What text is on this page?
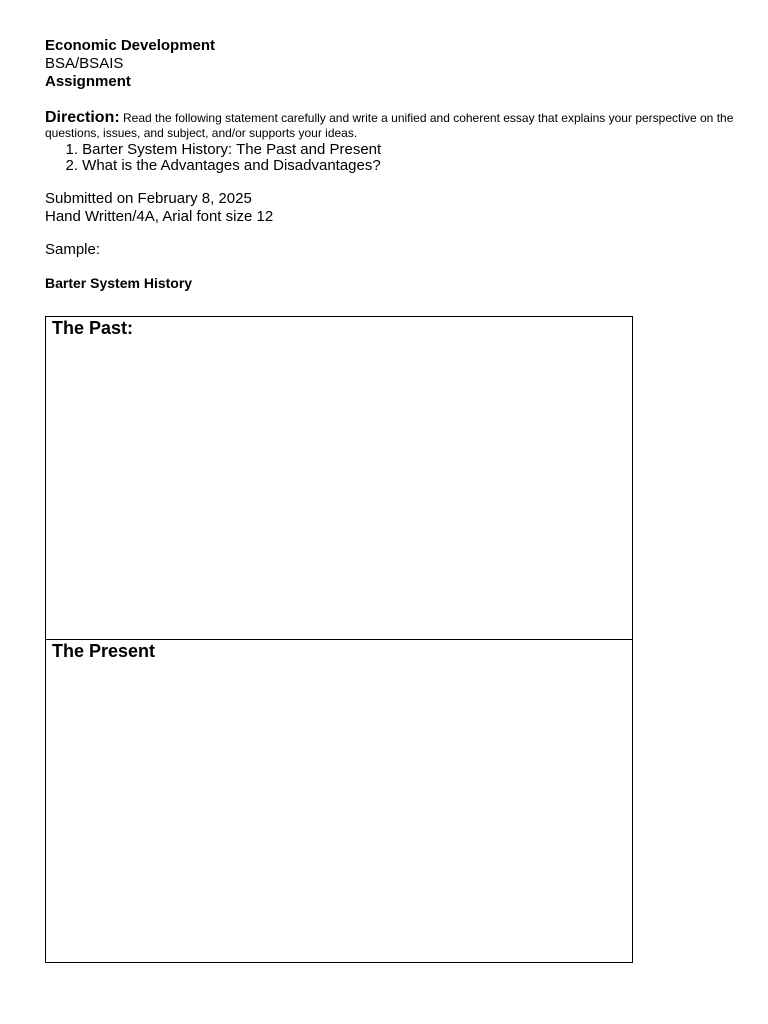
Economic Development
BSA/BSAIS
Assignment
Direction: Read the following statement carefully and write a unified and coherent essay that explains your perspective on the questions, issues, and subject, and/or supports your ideas.
1. Barter System History: The Past and Present
2. What is the Advantages and Disadvantages?
Submitted on February 8, 2025
Hand Written/4A, Arial font size 12
Sample:
Barter System History
The Past:
The Present
